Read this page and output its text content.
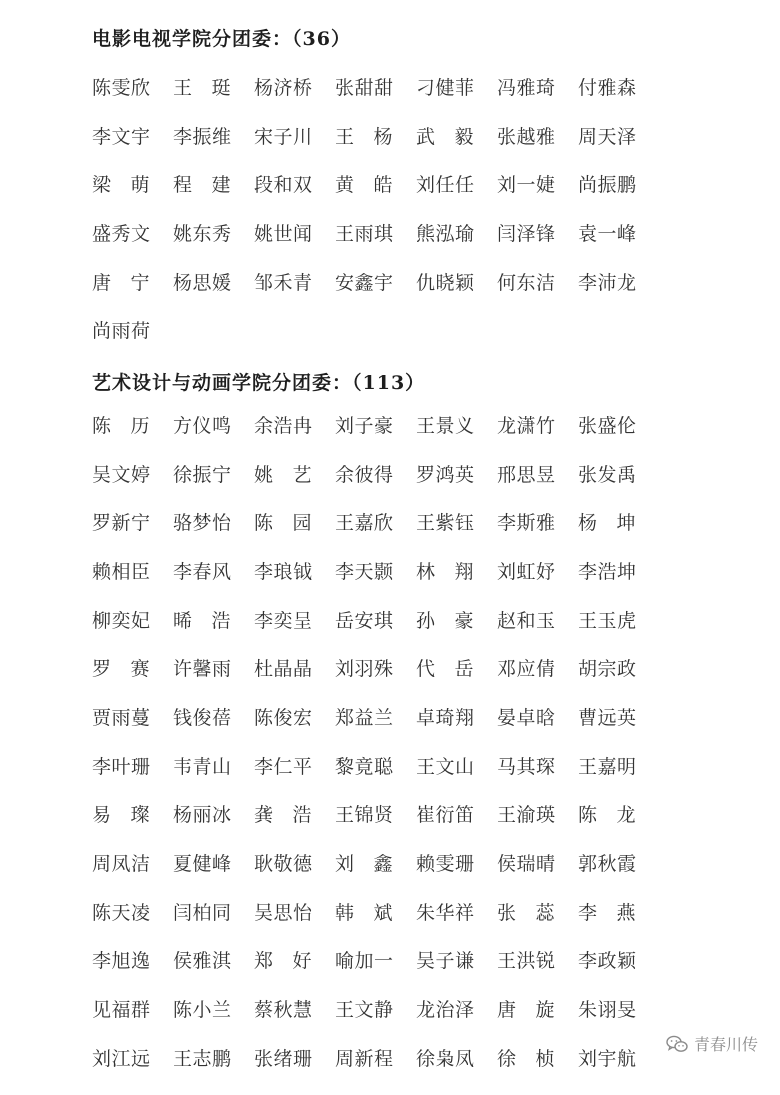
电影电视学院分团委：（36）
陈雯欣	王 珽	杨济桥	张甜甜	刁健菲	冯雅琦	付雅森
李文宇	李振维	宋子川	王 杨	武 毅	张越雅	周天泽
梁 萌	程 建	段和双	黄 皓	刘任任	刘一婕	尚振鹏
盛秀文	姚东秀	姚世闻	王雨琪	熊泓瑜	闫泽锋	袁一峰
唐 宁	杨思媛	邹禾青	安鑫宇	仇晓颖	何东洁	李沛龙
尚雨荷
艺术设计与动画学院分团委：（113）
陈 历	方仪鸣	余浩冉	刘子豪	王景义	龙潇竹	张盛伦
吴文婷	徐振宁	姚 艺	余彼得	罗鸿英	邢思昱	张发禹
罗新宁	骆梦怡	陈 园	王嘉欣	王紫钰	李斯雅	杨 坤
赖相臣	李春风	李琅钺	李天颢	林 翔	刘虹妤	李浩坤
柳奕妃	晞 浩	李奕呈	岳安琪	孙 豪	赵和玉	王玉虎
罗 赛	许馨雨	杜晶晶	刘羽殊	代 岳	邓应倩	胡宗政
贾雨蔓	钱俊蓓	陈俊宏	郑益兰	卓琦翔	晏卓晗	曹远英
李叶珊	韦青山	李仁平	黎竟聪	王文山	马其琛	王嘉明
易 璨	杨丽冰	龚 浩	王锦贤	崔衍笛	王渝瑛	陈 龙
周凤洁	夏健峰	耿敬德	刘 鑫	赖雯珊	侯瑞晴	郭秋霞
陈天凌	闫柏同	吴思怡	韩 斌	朱华祥	张 蕊	李 燕
李旭逸	侯雅淇	郑 好	喻加一	吴子谦	王洪锐	李政颖
见福群	陈小兰	蔡秋慧	王文静	龙治泽	唐 旋	朱诩旻
刘江远	王志鹏	张绪珊	周新程	徐枭凤	徐 桢	刘宇航
青春川传
